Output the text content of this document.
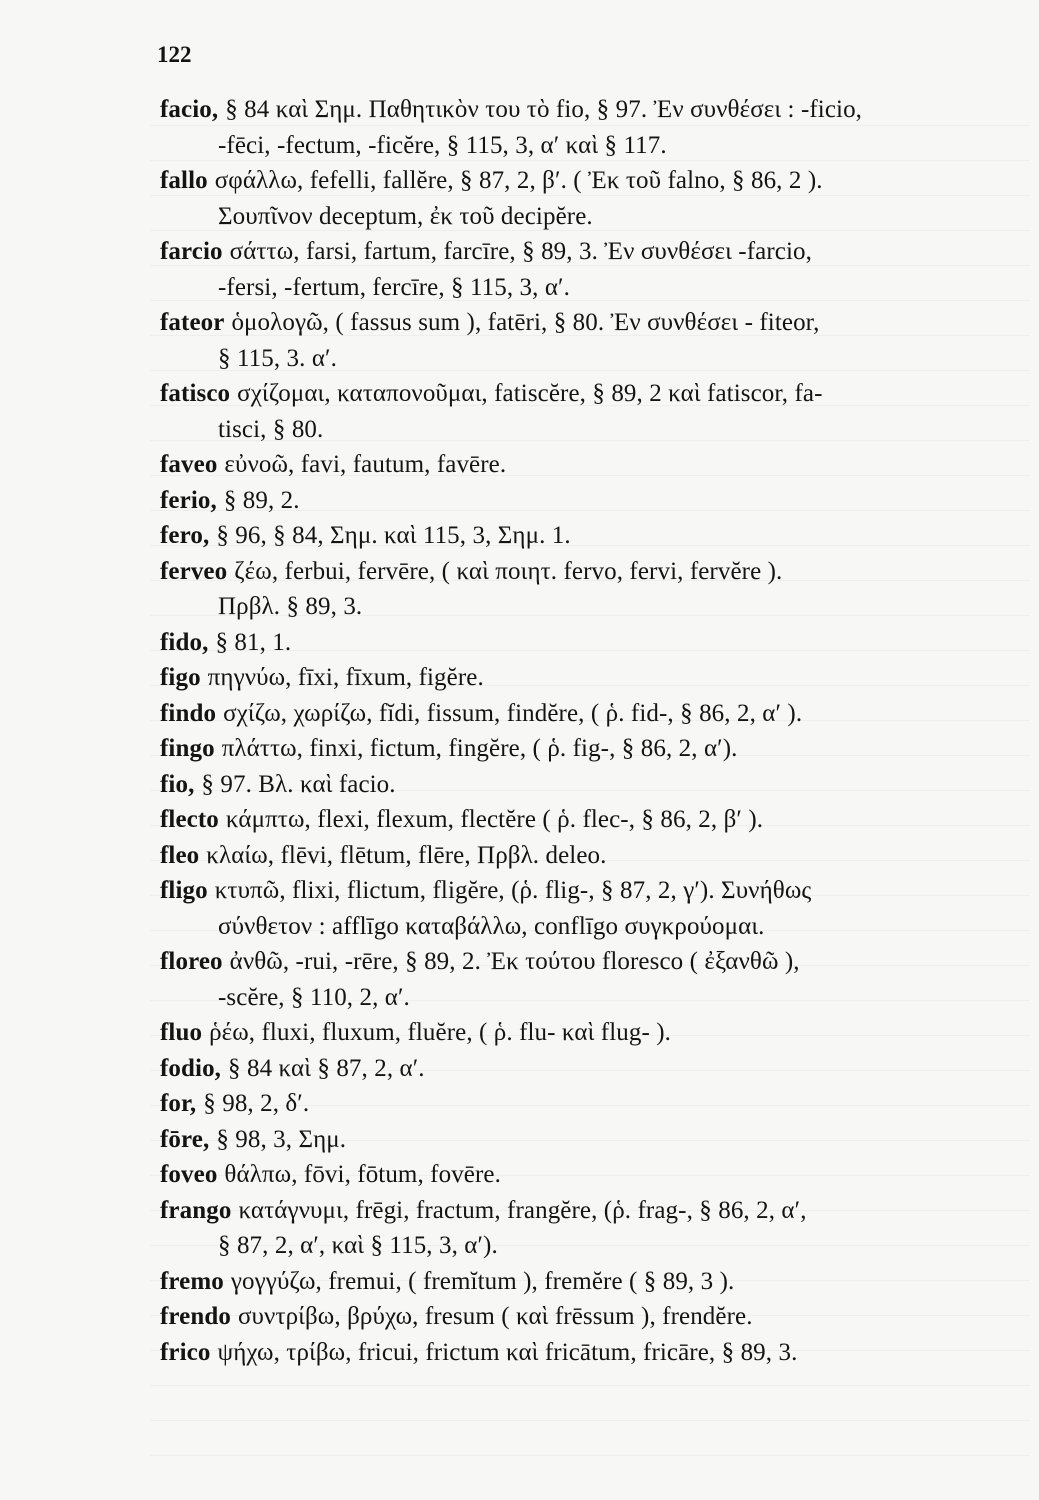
122
facio, § 84 καὶ Σημ. Παθητικὸν του τὸ fio, § 97. Ἐν συνθέσει : -ficio,
-fēci, -fectum, -ficĕre, § 115, 3, α′ καὶ § 117.
fallo σφάλλω, fefelli, fallĕre, § 87, 2, β′. ( Ἐκ τοῦ falno, § 86, 2 ).
Σουπῖνον deceptum, ἐκ τοῦ decipĕre.
farcio σάττω, farsi, fartum, farcīre, § 89, 3. Ἐν συνθέσει -farcio,
-fersi, -fertum, fercīre, § 115, 3, α′.
fateor ὁμολογῶ, ( fassus sum ), fatēri, § 80. Ἐν συνθέσει - fiteor,
§ 115, 3. α′.
fatisco σχίζομαι, καταπονοῦμαι, fatiscĕre, § 89, 2 καὶ fatiscor, fa-
tisci, § 80.
faveo εὐνοῶ, favi, fautum, favēre.
ferio, § 89, 2.
fero, § 96, § 84, Σημ. καὶ 115, 3, Σημ. 1.
ferveo ζέω, ferbui, fervēre, ( καὶ ποιητ. fervo, fervi, fervĕre ).
Πρβλ. § 89, 3.
fido, § 81, 1.
figo πηγνύω, fīxi, fīxum, figĕre.
findo σχίζω, χωρίζω, fĭdi, fissum, findĕre, ( ῥ. fid-, § 86, 2, α′ ).
fingo πλάττω, finxi, fictum, fingĕre, ( ῥ. fig-, § 86, 2, α′).
fio, § 97. Βλ. καὶ facio.
flecto κάμπτω, flexi, flexum, flectĕre ( ῥ. flec-, § 86, 2, β′ ).
fleo κλαίω, flēvi, flētum, flēre, Πρβλ. deleo.
fligo κτυπῶ, flixi, flictum, fligĕre, (ῥ. flig-, § 87, 2, γ′). Συνήθως
σύνθετον : afflīgo καταβάλλω, conflīgo συγκρούομαι.
floreo ἀνθῶ, -rui, -rēre, § 89, 2. Ἐκ τούτου floresco ( ἐξανθῶ ),
-scĕre, § 110, 2, α′.
fluo ῥέω, fluxi, fluxum, fluĕre, ( ῥ. flu- καὶ flug- ).
fodio, § 84 καὶ § 87, 2, α′.
for, § 98, 2, δ′.
fōre, § 98, 3, Σημ.
foveo θάλπω, fōvi, fōtum, fovēre.
frango κατάγνυμι, frēgi, fractum, frangĕre, (ῥ. frag-, § 86, 2, α′,
§ 87, 2, α′, καὶ § 115, 3, α′).
fremo γογγύζω, fremui, ( fremĭtum ), fremĕre ( § 89, 3 ).
frendo συντρίβω, βρύχω, fresum ( καὶ frēssum ), frendĕre.
frico ψήχω, τρίβω, fricui, frictum καὶ fricātum, fricāre, § 89, 3.
